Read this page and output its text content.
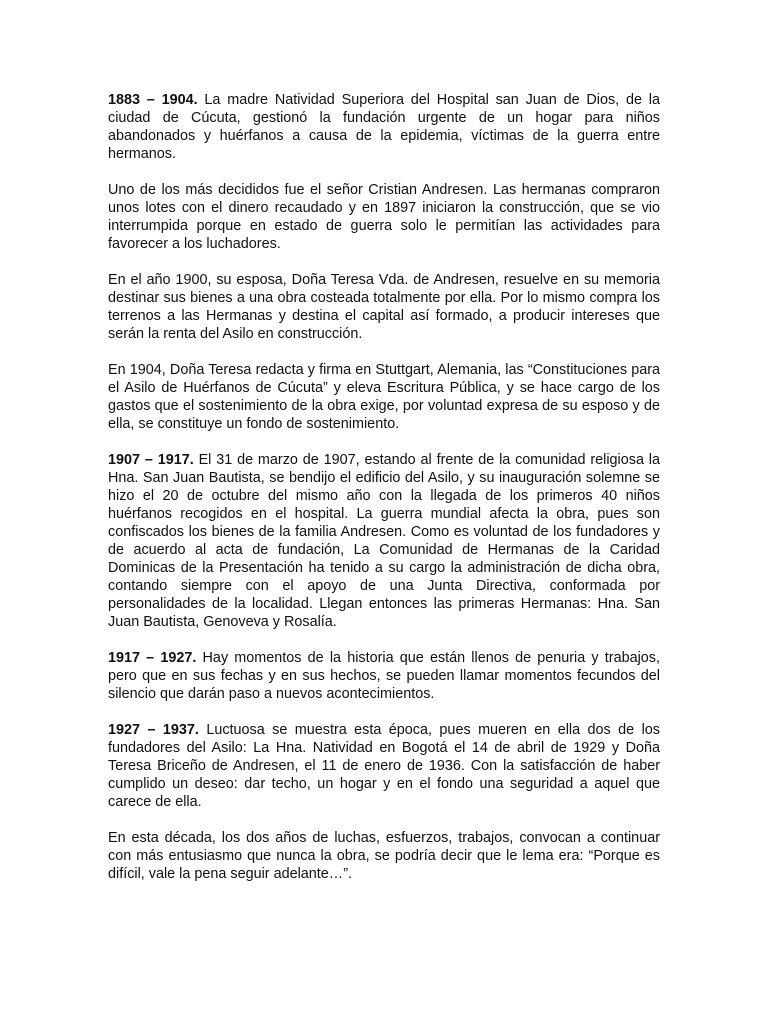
1883 – 1904. La madre Natividad Superiora del Hospital san Juan de Dios, de la ciudad de Cúcuta, gestionó la fundación urgente de un hogar para niños abandonados y huérfanos a causa de la epidemia, víctimas de la guerra entre hermanos.

Uno de los más decididos fue el señor Cristian Andresen. Las hermanas compraron unos lotes con el dinero recaudado y en 1897 iniciaron la construcción, que se vio interrumpida porque en estado de guerra solo le permitían las actividades para favorecer a los luchadores.

En el año 1900, su esposa, Doña Teresa Vda. de Andresen, resuelve en su memoria destinar sus bienes a una obra costeada totalmente por ella. Por lo mismo compra los terrenos a las Hermanas y destina el capital así formado, a producir intereses que serán la renta del Asilo en construcción.

En 1904, Doña Teresa redacta y firma en Stuttgart, Alemania, las “Constituciones para el Asilo de Huérfanos de Cúcuta” y eleva Escritura Pública, y se hace cargo de los gastos que el sostenimiento de la obra exige, por voluntad expresa de su esposo y de ella, se constituye un fondo de sostenimiento.

1907 – 1917. El 31 de marzo de 1907, estando al frente de la comunidad religiosa la Hna. San Juan Bautista, se bendijo el edificio del Asilo, y su inauguración solemne se hizo el 20 de octubre del mismo año con la llegada de los primeros 40 niños huérfanos recogidos en el hospital. La guerra mundial afecta la obra, pues son confiscados los bienes de la familia Andresen. Como es voluntad de los fundadores y de acuerdo al acta de fundación, La Comunidad de Hermanas de la Caridad Dominicas de la Presentación ha tenido a su cargo la administración de dicha obra, contando siempre con el apoyo de una Junta Directiva, conformada por personalidades de la localidad. Llegan entonces las primeras Hermanas: Hna. San Juan Bautista, Genoveva y Rosalía.

1917 – 1927. Hay momentos de la historia que están llenos de penuria y trabajos, pero que en sus fechas y en sus hechos, se pueden llamar momentos fecundos del silencio que darán paso a nuevos acontecimientos.

1927 – 1937. Luctuosa se muestra esta época, pues mueren en ella dos de los fundadores del Asilo: La Hna. Natividad en Bogotá el 14 de abril de 1929 y Doña Teresa Briceño de Andresen, el 11 de enero de 1936. Con la satisfacción de haber cumplido un deseo: dar techo, un hogar y en el fondo una seguridad a aquel que carece de ella.

En esta década, los dos años de luchas, esfuerzos, trabajos, convocan a continuar con más entusiasmo que nunca la obra, se podría decir que le lema era: “Porque es difícil, vale la pena seguir adelante…”.
